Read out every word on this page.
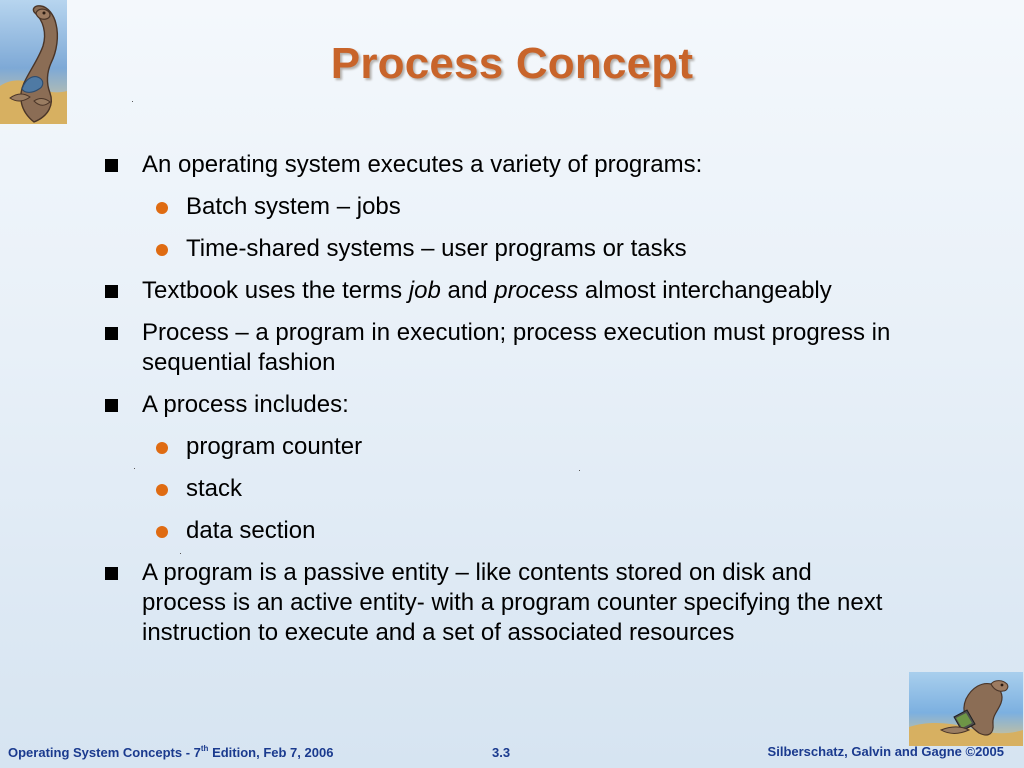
Process Concept
An operating system executes a variety of programs:
Batch system – jobs
Time-shared systems – user programs or tasks
Textbook uses the terms job and process almost interchangeably
Process – a program in execution; process execution must progress in sequential fashion
A process includes:
program counter
stack
data section
A program is a passive entity – like contents stored on disk and process is an active entity- with a program counter specifying the next instruction to execute and a set of associated resources
Operating System Concepts - 7th Edition, Feb 7, 2006	3.3	Silberschatz, Galvin and Gagne ©2005
